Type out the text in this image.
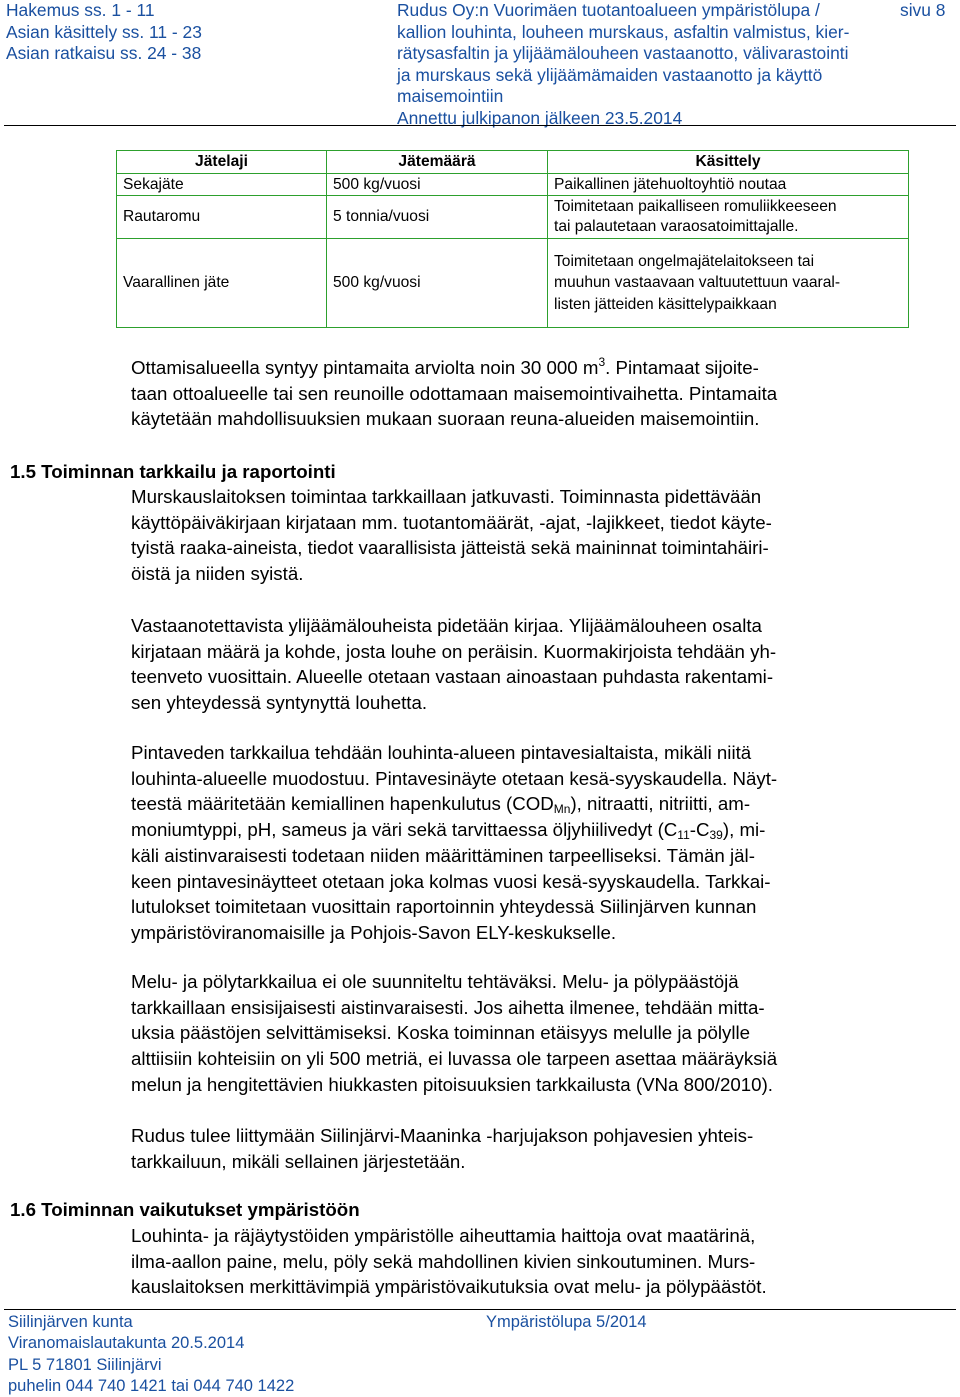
Hakemus ss. 1 - 11
Asian käsittely ss. 11 - 23
Asian ratkaisu ss. 24 - 38
Rudus Oy:n Vuorimäen tuotantoalueen ympäristölupa /
kallion louhinta, louheen murskaus, asfaltin valmistus, kier-
rätysasfaltin ja ylijäämälouheen vastaanotto, välivarastointi
ja murskaus sekä ylijäämämaiden vastaanotto ja käyttö
maisemointiin
Annettu julkipanon jälkeen 23.5.2014
sivu 8
Jätelaji	Jätemäärä	Käsittely
Sekajäte	500 kg/vuosi	Paikallinen jätehuoltoyhtiö noutaa

Rautaromu	5 tonnia/vuosi	Toimitetaan paikalliseen romuliikkeeseen
tai palautetaan varaosatoimittajalle.

Vaarallinen jäte	500 kg/vuosi	Toimitetaan ongelmajätelaitokseen tai
muuhun vastaavaan valtuutettuun vaaral-
listen jätteiden käsittelypaikkaan
Ottamisalueella syntyy pintamaita arviolta noin 30 000 $m^3$. Pintamaat sijoite-
taan ottoalueelle tai sen reunoille odottamaan maisemointivaihetta. Pintamaita
käytetään mahdollisuuksien mukaan suoraan reuna-alueiden maisemointiin.
1.5 Toiminnan tarkkailu ja raportointi
Murskauslaitoksen toimintaa tarkkaillaan jatkuvasti. Toiminnasta pidettävään
käyttöpäiväkirjaan kirjataan mm. tuotantomäärät, -ajat, -lajikkeet, tiedot käyte-
tyistä raaka-aineista, tiedot vaarallisista jätteistä sekä maininnat toimintahäiri-
öistä ja niiden syistä.
Vastaanotettavista ylijäämälouheista pidetään kirjaa. Ylijäämälouheen osalta
kirjataan määrä ja kohde, josta louhe on peräisin. Kuormakirjoista tehdään yh-
teenveto vuosittain. Alueelle otetaan vastaan ainoastaan puhdasta rakentami-
sen yhteydessä syntynyttä louhetta.
Pintaveden tarkkailua tehdään louhinta-alueen pintavesialtaista, mikäli niitä
louhinta-alueelle muodostuu. Pintavesinäyte otetaan kesä-syyskaudella. Näyt-
teestä määritetään kemiallinen hapenkulutus $(COD_{Mn})$, nitraatti, nitriitti, am-
moniumtyppi, pH, sameus ja väri sekä tarvittaessa öljyhiilivedyt $(C_{11}-C_{39})$, mi-
käli aistinvaraisesti todetaan niiden määrittäminen tarpeelliseksi. Tämän jäl-
keen pintavesinäytteet otetaan joka kolmas vuosi kesä-syyskaudella. Tarkkai-
lutulokset toimitetaan vuosittain raportoinnin yhteydessä Siilinjärven kunnan
ympäristöviranomaisille ja Pohjois-Savon ELY-keskukselle.
Melu- ja pölytarkkailua ei ole suunniteltu tehtäväksi. Melu- ja pölypäästöjä
tarkkaillaan ensisijaisesti aistinvaraisesti. Jos aihetta ilmenee, tehdään mitta-
uksia päästöjen selvittämiseksi. Koska toiminnan etäisyys melulle ja pölylle
alttiisiin kohteisiin on yli 500 metriä, ei luvassa ole tarpeen asettaa määräyksiä
melun ja hengitettävien hiukkasten pitoisuuksien tarkkailusta (VNa 800/2010).
Rudus tulee liittymään Siilinjärvi-Maaninka -harjujakson pohjavesien yhteis-
tarkkailuun, mikäli sellainen järjestetään.
1.6 Toiminnan vaikutukset ympäristöön
Louhinta- ja räjäytystöiden ympäristölle aiheuttamia haittoja ovat maatärinä,
ilma-aallon paine, melu, pöly sekä mahdollinen kivien sinkoutuminen. Murs-
kauslaitoksen merkittävimpiä ympäristövaikutuksia ovat melu- ja pölypäästöt.
Siilinjärven kunta
Viranomaislautakunta 20.5.2014
PL 5 71801 Siilinjärvi
puhelin 044 740 1421 tai 044 740 1422
Ympäristölupa 5/2014
